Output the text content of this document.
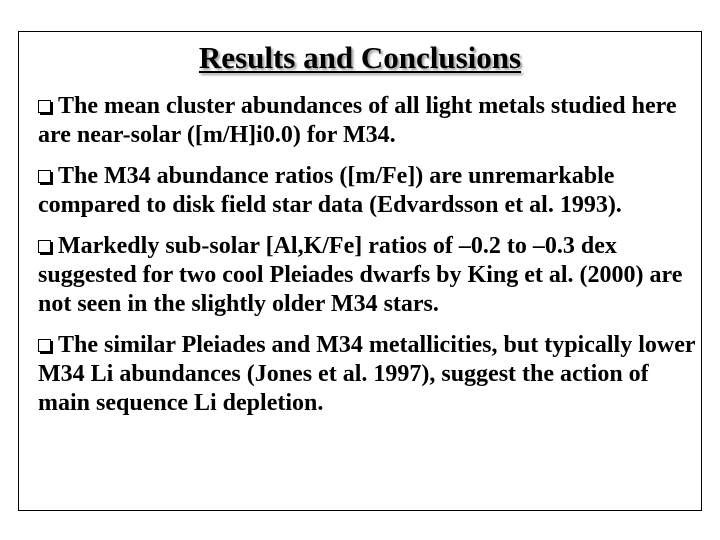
Results and Conclusions
The mean cluster abundances of all light metals studied here are near-solar ([m/H]i0.0) for M34.
The M34 abundance ratios ([m/Fe]) are unremarkable compared to disk field star data (Edvardsson et al. 1993).
Markedly sub-solar [Al,K/Fe] ratios of –0.2 to –0.3 dex suggested for two cool Pleiades dwarfs by King et al. (2000) are not seen in the slightly older M34 stars.
The similar Pleiades and M34 metallicities, but typically lower M34 Li abundances (Jones et al. 1997), suggest the action of main sequence Li depletion.
